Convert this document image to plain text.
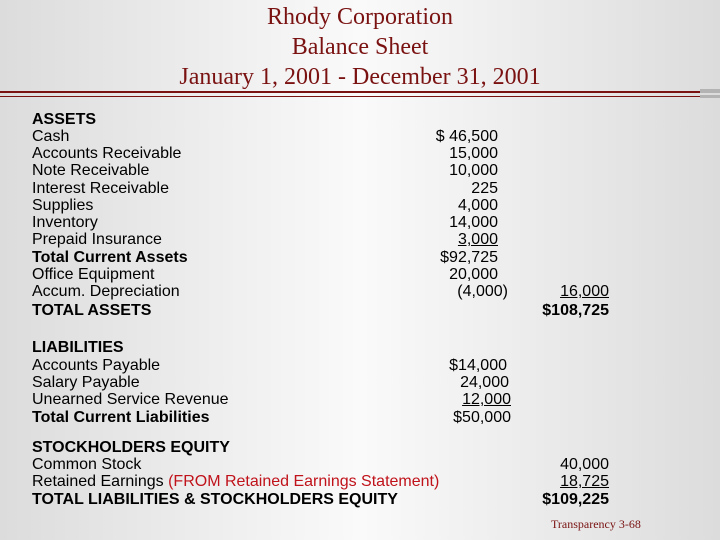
Rhody Corporation
Balance Sheet
January 1, 2001 - December 31, 2001
ASSETS
Cash
Accounts Receivable
Note Receivable
Interest Receivable
Supplies
Inventory
Prepaid Insurance
Total Current Assets
Office Equipment
Accum. Depreciation
TOTAL ASSETS
$ 46,500
15,000
10,000
225
4,000
14,000
3,000
$92,725
20,000
(4,000)	16,000
$108,725
LIABILITIES
Accounts Payable
Salary Payable
Unearned Service Revenue
Total Current Liabilities
$14,000
24,000
12,000
$50,000
STOCKHOLDERS EQUITY
Common Stock
Retained Earnings (FROM Retained Earnings Statement)
TOTAL LIABILITIES & STOCKHOLDERS EQUITY
40,000
18,725
$109,225
Transparency 3-68
